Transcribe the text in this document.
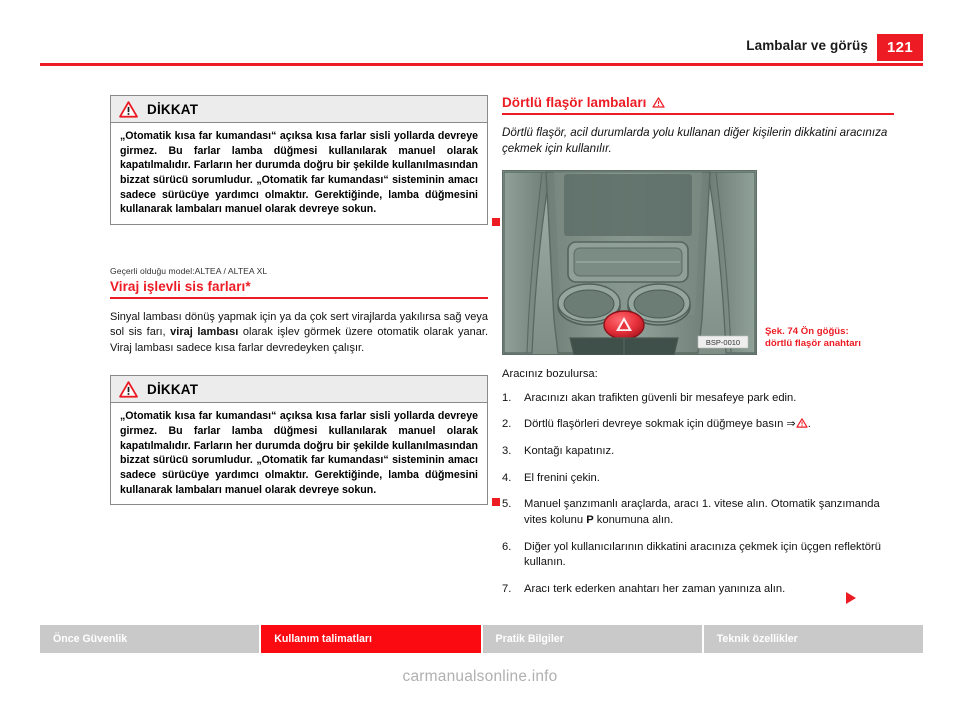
Lambalar ve görüş	121
DİKKAT
„Otomatik kısa far kumandası“ açıksa kısa farlar sisli yollarda devreye girmez. Bu farlar lamba düğmesi kullanılarak manuel olarak kapatılmalıdır. Farların her durumda doğru bir şekilde kullanılmasından bizzat sürücü sorumludur. „Otomatik far kumandası“ sisteminin amacı sadece sürücüye yardımcı olmaktır. Gerektiğinde, lamba düğmesini kullanarak lambaları manuel olarak devreye sokun.
Geçerli olduğu model:ALTEA / ALTEA XL
Viraj işlevli sis farları*

Sinyal lambası dönüş yapmak için ya da çok sert virajlarda yakılırsa sağ veya sol sis farı, viraj lambası olarak işlev görmek üzere otomatik olarak yanar. Viraj lambası sadece kısa farlar devredeyken çalışır.

DİKKAT
„Otomatik kısa far kumandası“ açıksa kısa farlar sisli yollarda devreye girmez. Bu farlar lamba düğmesi kullanılarak manuel olarak kapatılmalıdır. Farların her durumda doğru bir şekilde kullanılmasından bizzat sürücü sorumludur. „Otomatik far kumandası“ sisteminin amacı sadece sürücüye yardımcı olmaktır. Gerektiğinde, lamba düğmesini kullanarak lambaları manuel olarak devreye sokun.
Dörtlü flaşör lambaları
Dörtlü flaşör, acil durumlarda yolu kullanan diğer kişilerin dikkatini aracınıza çekmek için kullanılır.
BSP-0010
Şek. 74 Ön göğüs:
dörtlü flaşör anahtarı
Aracınız bozulursa:
1. Aracınızı akan trafikten güvenli bir mesafeye park edin.
2. Dörtlü flaşörleri devreye sokmak için düğmeye basın ⇒ .
3. Kontağı kapatınız.
4. El frenini çekin.
5. Manuel şanzımanlı araçlarda, aracı 1. vitese alın. Otomatik şanzımanda vites kolunu P konumuna alın.
6. Diğer yol kullanıcılarının dikkatini aracınıza çekmek için üçgen reflektörü kullanın.
7. Aracı terk ederken anahtarı her zaman yanınıza alın.
Önce Güvenlik	Kullanım talimatları	Pratik Bilgiler	Teknik özellikler
carmanualsonline.info
